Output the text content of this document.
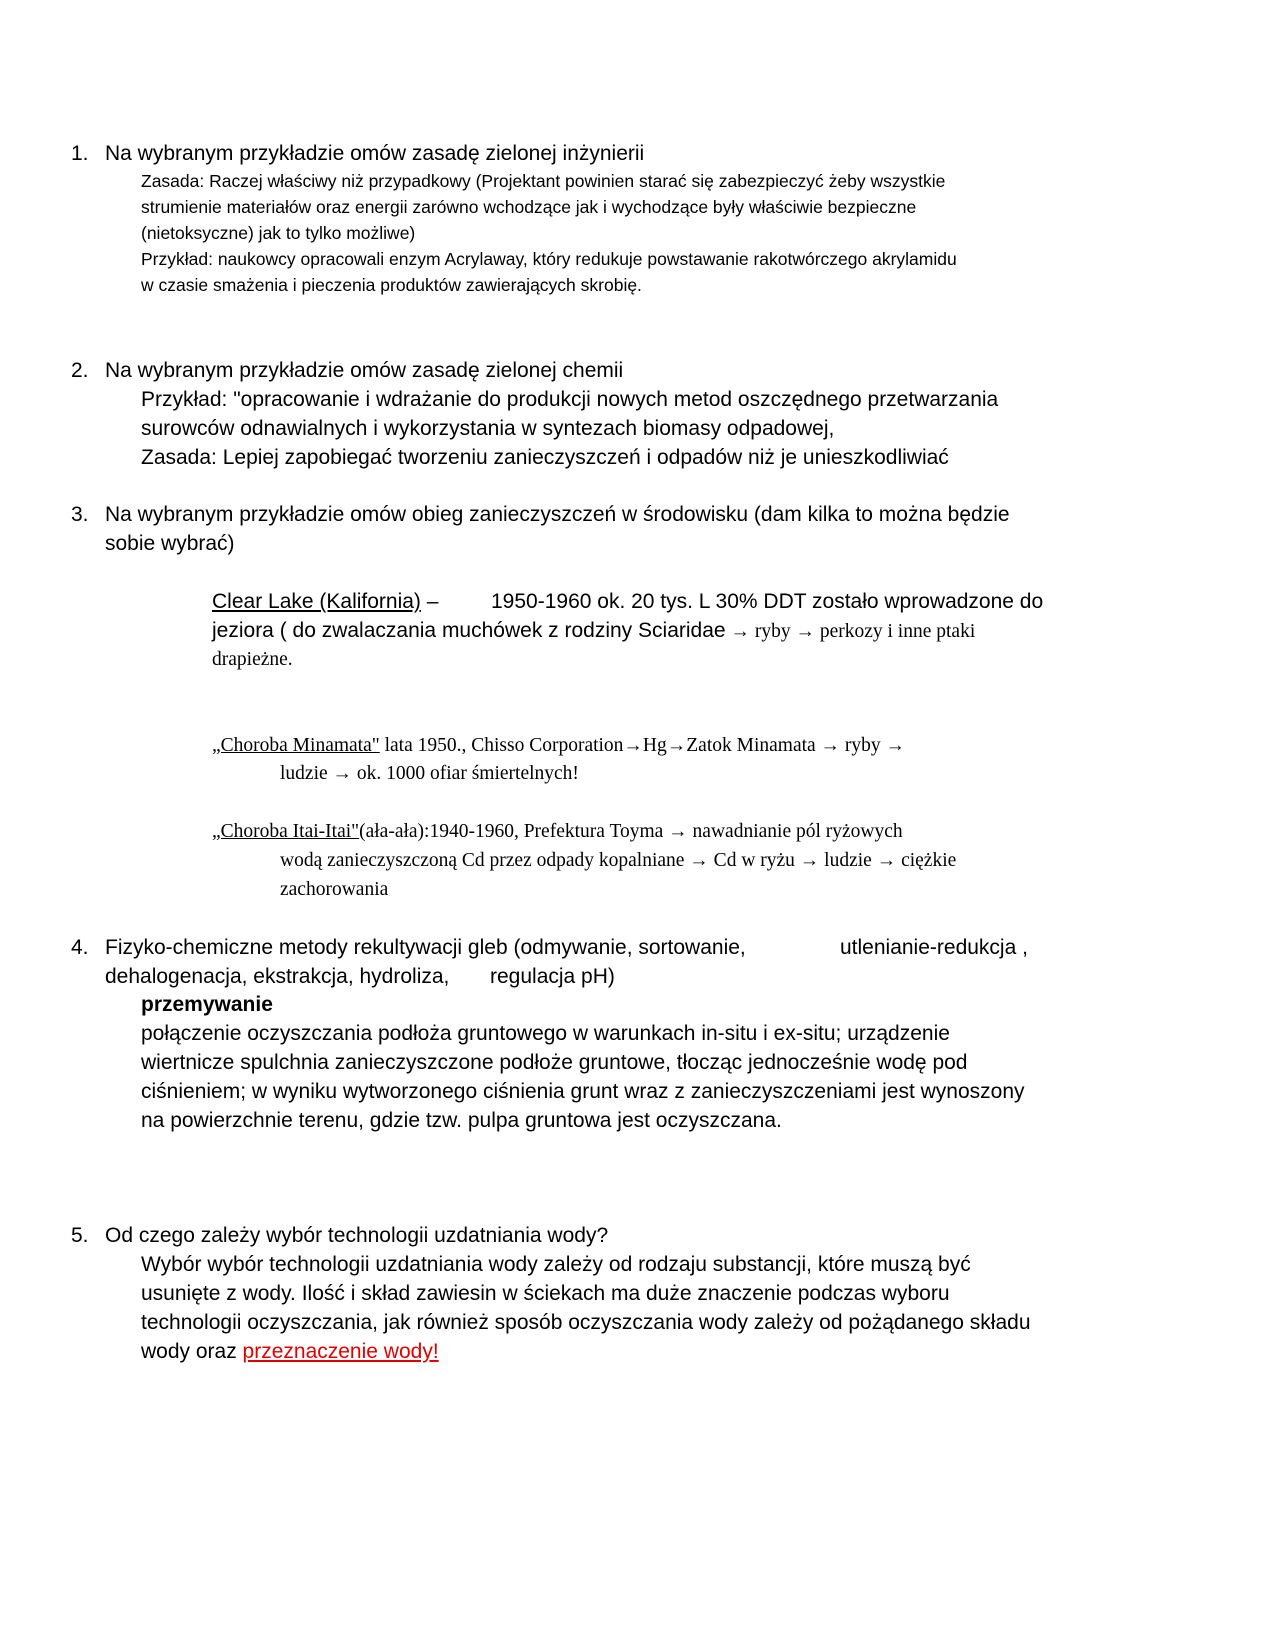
1. Na wybranym przykładzie omów zasadę zielonej inżynierii
Zasada: Raczej właściwy niż przypadkowy (Projektant powinien starać się zabezpieczyć żeby wszystkie
strumienie materiałów oraz energii zarówno wchodzące jak i wychodzące były właściwie bezpieczne
(nietoksyczne) jak to tylko możliwe)
Przykład: naukowcy opracowali enzym Acrylaway, który redukuje powstawanie rakotwórczego akrylamidu
w czasie smażenia i pieczenia produktów zawierających skrobię.
2. Na wybranym przykładzie omów zasadę zielonej chemii
Przykład: "opracowanie i wdrażanie do produkcji nowych metod oszczędnego przetwarzania
surowców odnawialnych i wykorzystania w syntezach biomasy odpadowej,
Zasada: Lepiej zapobiegać tworzeniu zanieczyszczeń i odpadów niż je unieszkodliwiać
3. Na wybranym przykładzie omów obieg zanieczyszczeń w środowisku (dam kilka to można będzie
sobie wybrać)
Clear Lake (Kalifornia) –	1950-1960 ok. 20 tys. L 30% DDT zostało wprowadzone do
jeziora ( do zwalaczania muchówek z rodziny Sciaridae → ryby → perkozy i inne ptaki
drapieżne.
„Choroba Minamata" lata 1950., Chisso Corporation→Hg→Zatok Minamata → ryby →
ludzie → ok. 1000 ofiar śmiertelnych!
„Choroba Itai-Itai"(ała-ała):1940-1960, Prefektura Toyma → nawadnianie pól ryżowych
wodą zanieczyszczoną Cd przez odpady kopalniane → Cd w ryżu → ludzie → ciężkie
zachorowania
4. Fizyko-chemiczne metody rekultywacji gleb (odmywanie, sortowanie,	utlenianie-redukcja ,
dehalogenacja, ekstrakcja, hydroliza, regulacja pH)
przemywanie
połączenie oczyszczania podłoża gruntowego w warunkach in-situ i ex-situ; urządzenie
wiertnicze spulchnia zanieczyszczone podłoże gruntowe, tłocząc jednocześnie wodę pod
ciśnieniem; w wyniku wytworzonego ciśnienia grunt wraz z zanieczyszczeniami jest wynoszony
na powierzchnie terenu, gdzie tzw. pulpa gruntowa jest oczyszczana.
5. Od czego zależy wybór technologii uzdatniania wody?
Wybór wybór technologii uzdatniania wody zależy od rodzaju substancji, które muszą być
usunięte z wody. Ilość i skład zawiesin w ściekach ma duże znaczenie podczas wyboru
technologii oczyszczania, jak również sposób oczyszczania wody zależy od pożądanego składu
wody oraz przeznaczenie wody!
